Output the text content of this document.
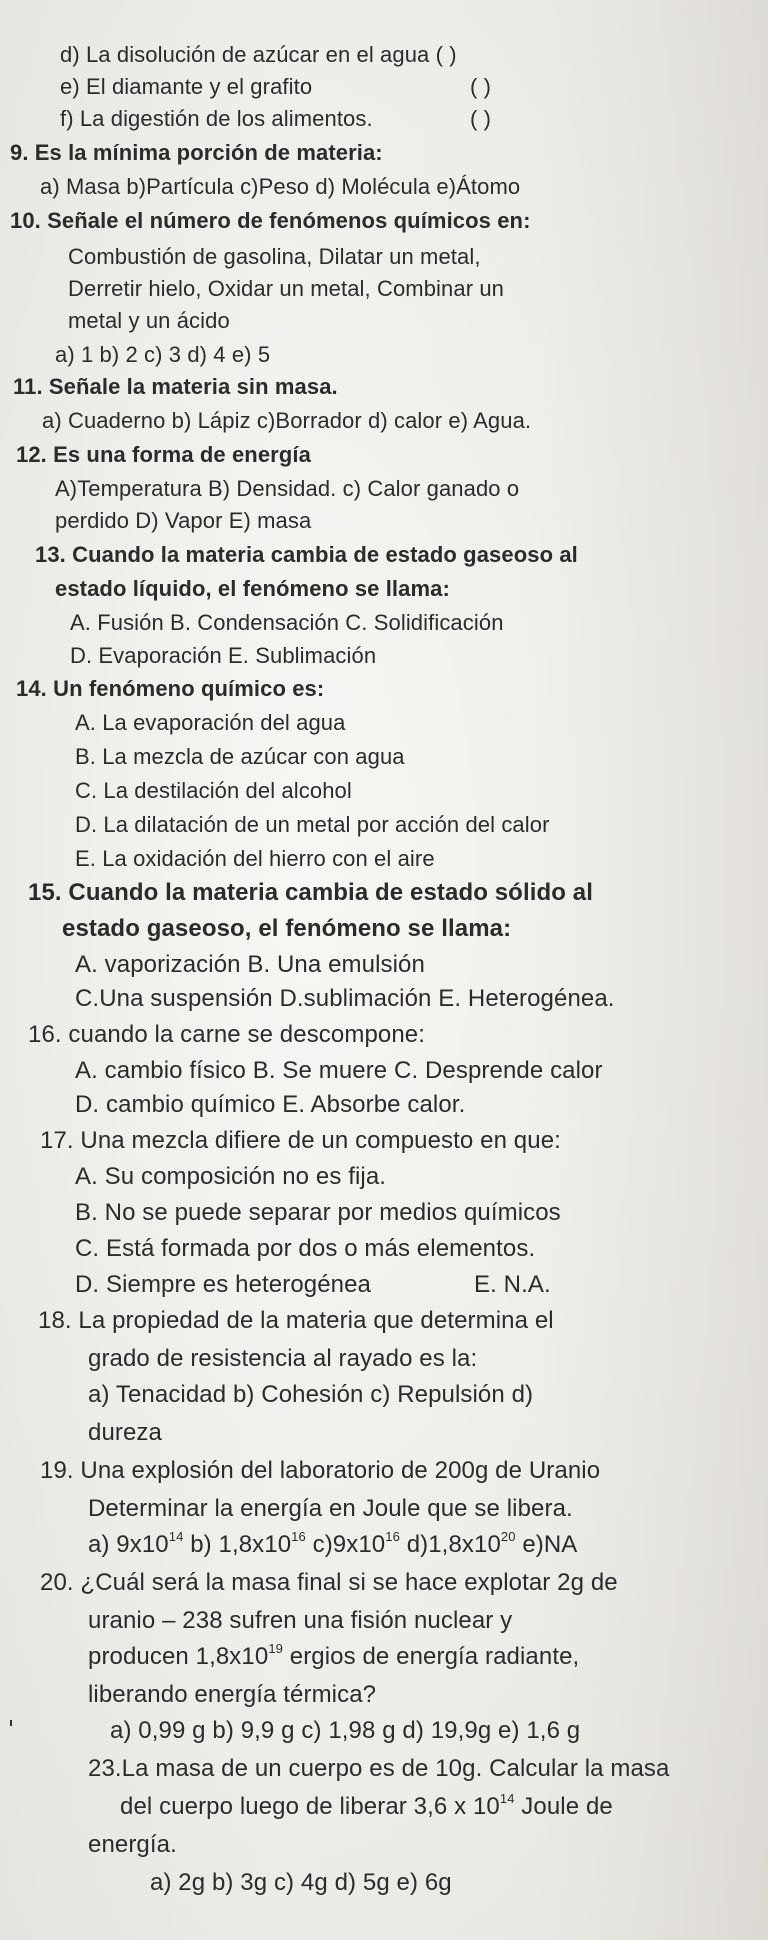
d) La disolución de azúcar en el agua ( )
e) El diamante y el grafito	( )
f) La digestión de los alimentos.	( )
9. Es la mínima porción de materia:
a) Masa b)Partícula c)Peso d) Molécula e)Átomo
10. Señale el número de fenómenos químicos en:
Combustión de gasolina, Dilatar un metal,
Derretir hielo, Oxidar un metal, Combinar un
metal y un ácido
a) 1 b) 2 c) 3 d) 4 e) 5
11. Señale la materia sin masa.
a) Cuaderno b) Lápiz c)Borrador d) calor e) Agua.
12. Es una forma de energía
A)Temperatura B) Densidad. c) Calor ganado o
perdido D) Vapor E) masa
13. Cuando la materia cambia de estado gaseoso al
estado líquido, el fenómeno se llama:
A. Fusión B. Condensación C. Solidificación
D. Evaporación E. Sublimación
14. Un fenómeno químico es:
A. La evaporación del agua
B. La mezcla de azúcar con agua
C. La destilación del alcohol
D. La dilatación de un metal por acción del calor
E. La oxidación del hierro con el aire
15. Cuando la materia cambia de estado sólido al
estado gaseoso, el fenómeno se llama:
A. vaporización B. Una emulsión
C.Una suspensión D.sublimación E. Heterogénea.
16. cuando la carne se descompone:
A. cambio físico B. Se muere C. Desprende calor
D. cambio químico E. Absorbe calor.
17. Una mezcla difiere de un compuesto en que:
A. Su composición no es fija.
B. No se puede separar por medios químicos
C. Está formada por dos o más elementos.
D. Siempre es heterogénea	E. N.A.
18. La propiedad de la materia que determina el
grado de resistencia al rayado es la:
a) Tenacidad b) Cohesión c) Repulsión d)
dureza
19. Una explosión del laboratorio de 200g de Uranio
Determinar la energía en Joule que se libera.
a) $9x10^{14}$ b) $1,8x10^{16}$ $c)9x10^{16}$ $d)1,8x10^{20}$ e)NA
20. ¿Cuál será la masa final si se hace explotar 2g de
uranio – 238 sufren una fisión nuclear y
producen $1,8x10^{19}$ ergios de energía radiante,
liberando energía térmica?
a) 0,99 g b) 9,9 g c) 1,98 g d) 19,9g e) 1,6 g
23.La masa de un cuerpo es de 10g. Calcular la masa
del cuerpo luego de liberar 3,6 x $10^{14}$ Joule de
energía.
a) 2g b) 3g c) 4g d) 5g e) 6g
